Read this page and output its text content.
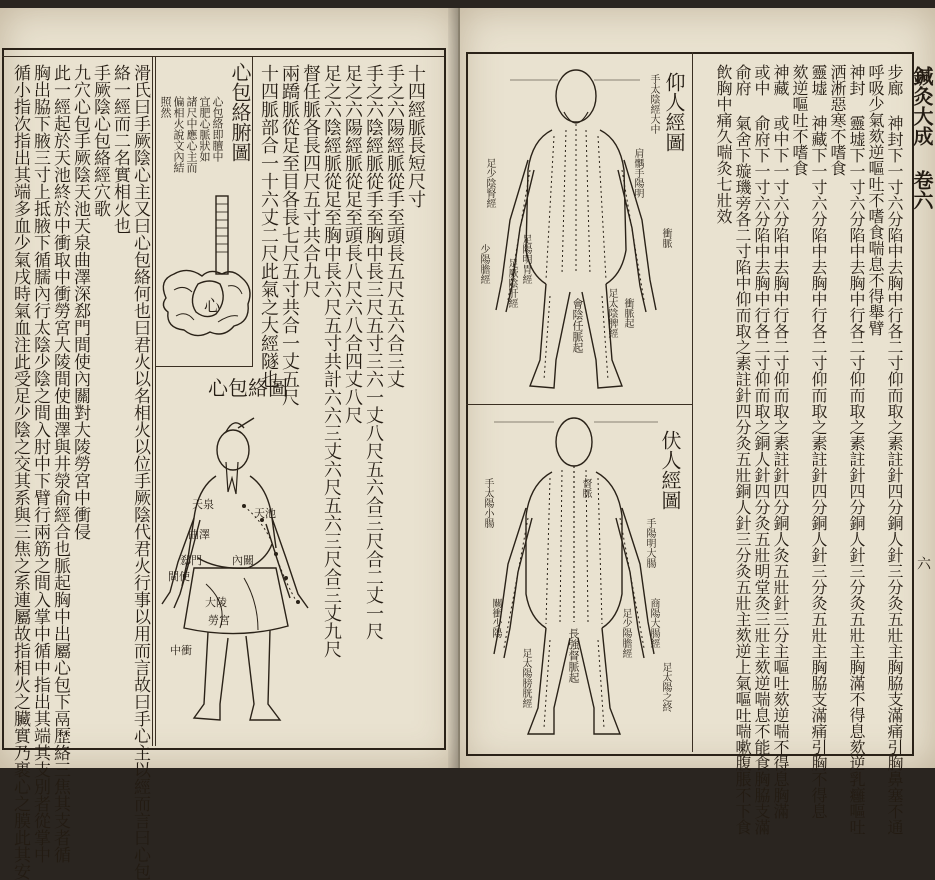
十四經脈長短尺寸
手之六陽經脈從手至頭長五尺五六合三丈
手之六陰經脈從手至胸中長三尺五寸三六一丈八尺五六合三尺合二丈一尺
足之六陽經脈從足至頭長八尺六八合四丈八尺
足之六陰經脈從足至胸中長六尺五寸共計六六三丈六尺五六三尺合三丈九尺
督任脈各長四尺五寸共合九尺
兩蹻脈從足至目各長七尺五寸共合一丈五尺
十四脈部合一十六丈二尺此氣之大經隧也
心包絡腑圖
心包絡即膻中
宜肥心脈狀如
諸尺中應心主而
偏相火說文內結
照然
心
心包絡圖
天泉
天池
曲澤
郄門
間使
內關
大陵
勞宮
中衝
滑氏曰手厥陰心主又曰心包絡何也曰君火以名相火以位手厥陰代君火行事以用而言故曰手心主以經而言曰心包
絡一經而二名實相火也
手厥陰心包絡經穴歌
九穴心包手厥陰天池天泉曲澤深郄門間使內關對大陵勞宮中衝侵
此一經起於天池終於中衝取中衝勞宮大陵間使曲澤與井滎俞經合也脈起胸中出屬心包下鬲歷絡三焦其支者循
胸出脇下腋三寸上抵腋下循臑內行太陰少陰之間入肘中下臂行兩筋之間入掌中循中指出其端其支別者從掌中
循小指次指出其端多血少氣戌時氣血注此受足少陰之交其系與三焦之系連屬故指相火之臟實乃裹心之膜此其安	鍼灸大成 卷六
六
步廊 神封下一寸六分陷中去胸中行各二寸仰而取之素註針四分銅人針三分灸五壯主胸脇支滿痛引胸鼻塞不通
呼吸少氣欬逆嘔吐不嗜食喘息不得舉臂
神封 靈墟下一寸六分陷中去胸中行各二寸仰而取之素註針四分銅人針三分灸五壯主胸滿不得息欬逆乳癰嘔吐
洒淅惡寒不嗜食
靈墟 神藏下一寸六分陷中去胸中行各二寸仰而取之素註針四分銅人針三分灸五壯主胸脇支滿痛引胸不得息
欬逆嘔吐不嗜食
神藏 或中下一寸六分陷中去胸中行各二寸仰而取之素註針四分銅人灸五壯針三分主嘔吐欬逆喘不得息胸滿
或中 俞府下一寸六分陷中去胸中行各二寸仰而取之銅人針四分灸五壯明堂灸三壯主欬逆喘息不能食胸脇支滿
俞府 氣舍下璇璣旁各二寸陷中仰而取之素註針四分灸五壯銅人針三分灸五壯主欬逆上氣嘔吐喘嗽腹脹不下食
飲胸中痛久喘灸七壯效
仰人經圖
手太陰經大中
足少陰腎經	肩髃手陽明
足陽明胃經
會陰任脈起
足厥陰肝經
足太陰脾經
衝脈
少陽膽經
衝脈起
伏人經圖
督脈
長強督脈起
手太陽小腸
手陽明大腸
足太陽膀胱經
足少陽膽經
足太陽之終
商陽大腸經
關衝少陽
